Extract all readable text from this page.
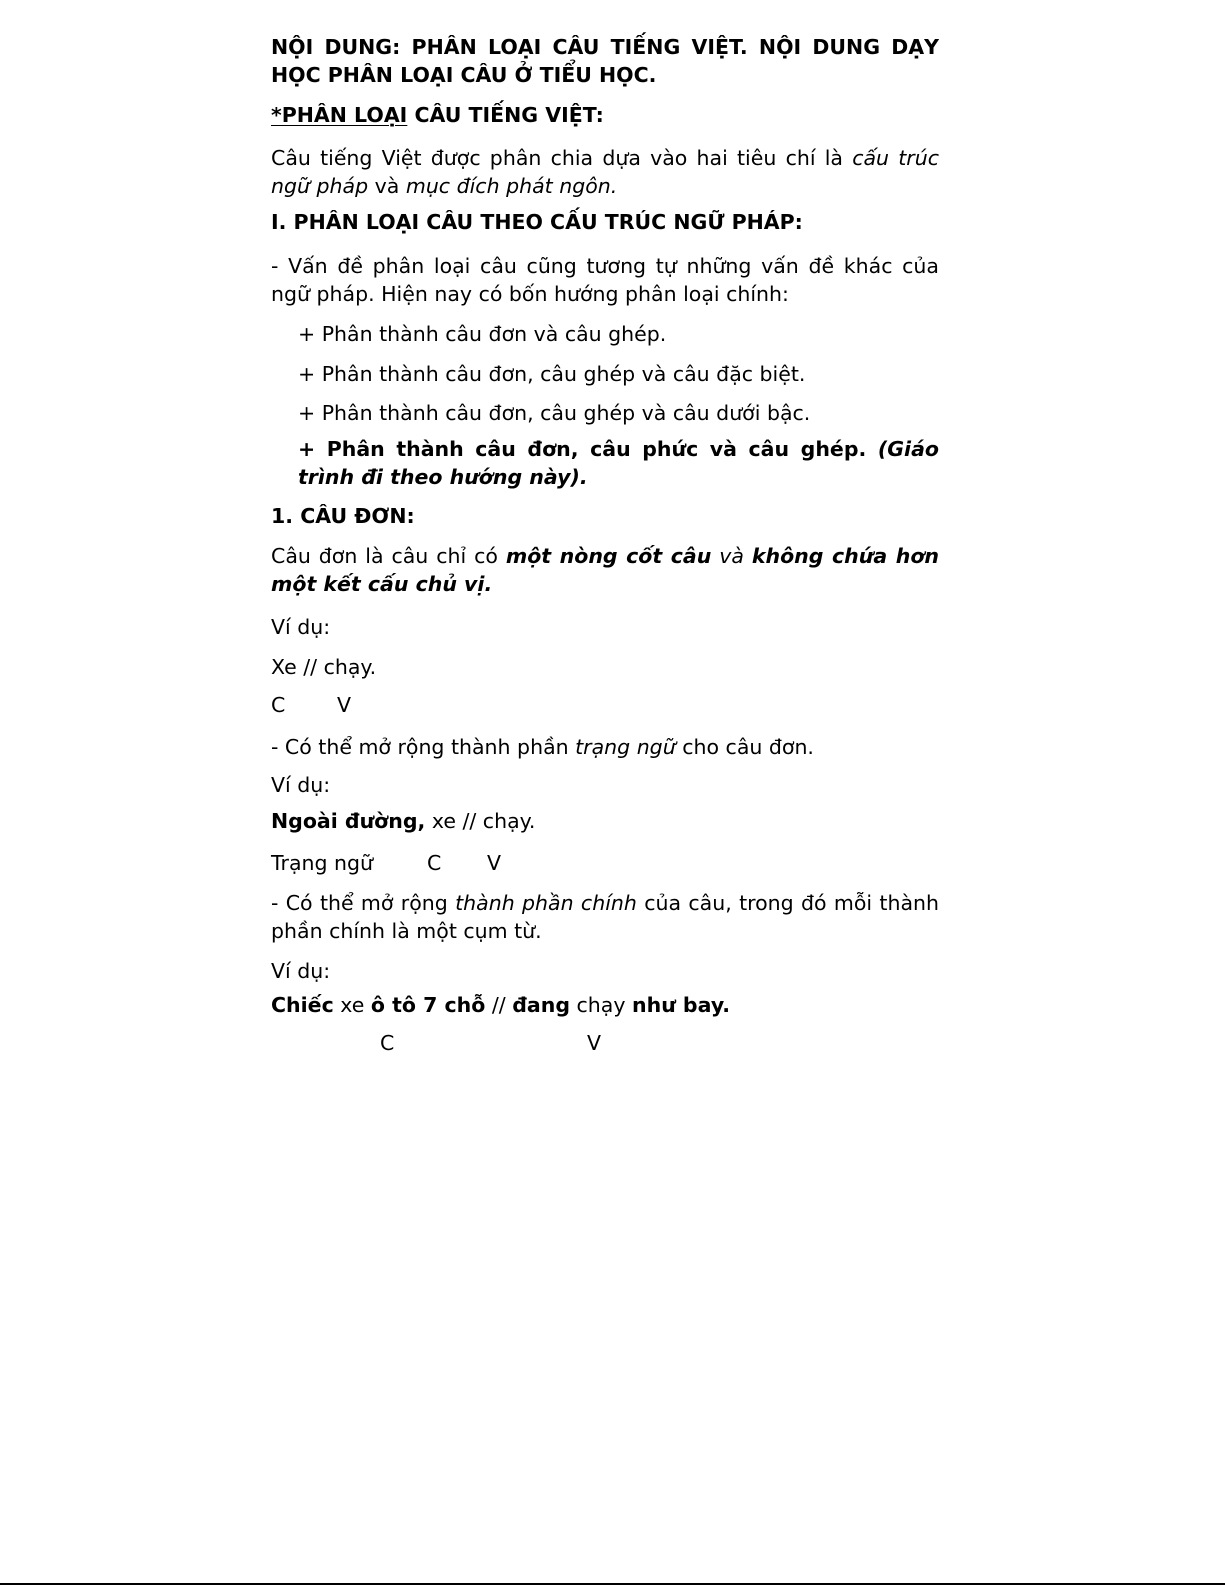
NỘI DUNG: PHÂN LOẠI CÂU TIẾNG VIỆT. NỘI DUNG DẠY

HỌC PHÂN LOẠI CÂU Ở TIỂU HỌC.

*PHÂN LOẠI CÂU TIẾNG VIỆT:

Câu tiếng Việt được phân chia dựa vào hai tiêu chí là cấu trúc

ngữ pháp và mục đích phát ngôn.

I. PHÂN LOẠI CÂU THEO CẤU TRÚC NGỮ PHÁP:

- Vấn đề phân loại câu cũng tương tự những vấn đề khác của

ngữ pháp. Hiện nay có bốn hướng phân loại chính:

+ Phân thành câu đơn và câu ghép.

+ Phân thành câu đơn, câu ghép và câu đặc biệt.

+ Phân thành câu đơn, câu ghép và câu dưới bậc.

+ Phân thành câu đơn, câu phức và câu ghép. (Giáo

trình đi theo hướng này).

1. CÂU ĐƠN:

Câu đơn là câu chỉ có một nòng cốt câu và không chứa hơn

một kết cấu chủ vị.

Ví dụ:

Xe // chạy.

C	V

- Có thể mở rộng thành phần trạng ngữ cho câu đơn.

Ví dụ:

Ngoài đường, xe // chạy.

Trạng ngữ	C V

- Có thể mở rộng thành phần chính của câu, trong đó mỗi thành

phần chính là một cụm từ.

Ví dụ:

Chiếc xe ô tô 7 chỗ // đang chạy như bay.

C	V
